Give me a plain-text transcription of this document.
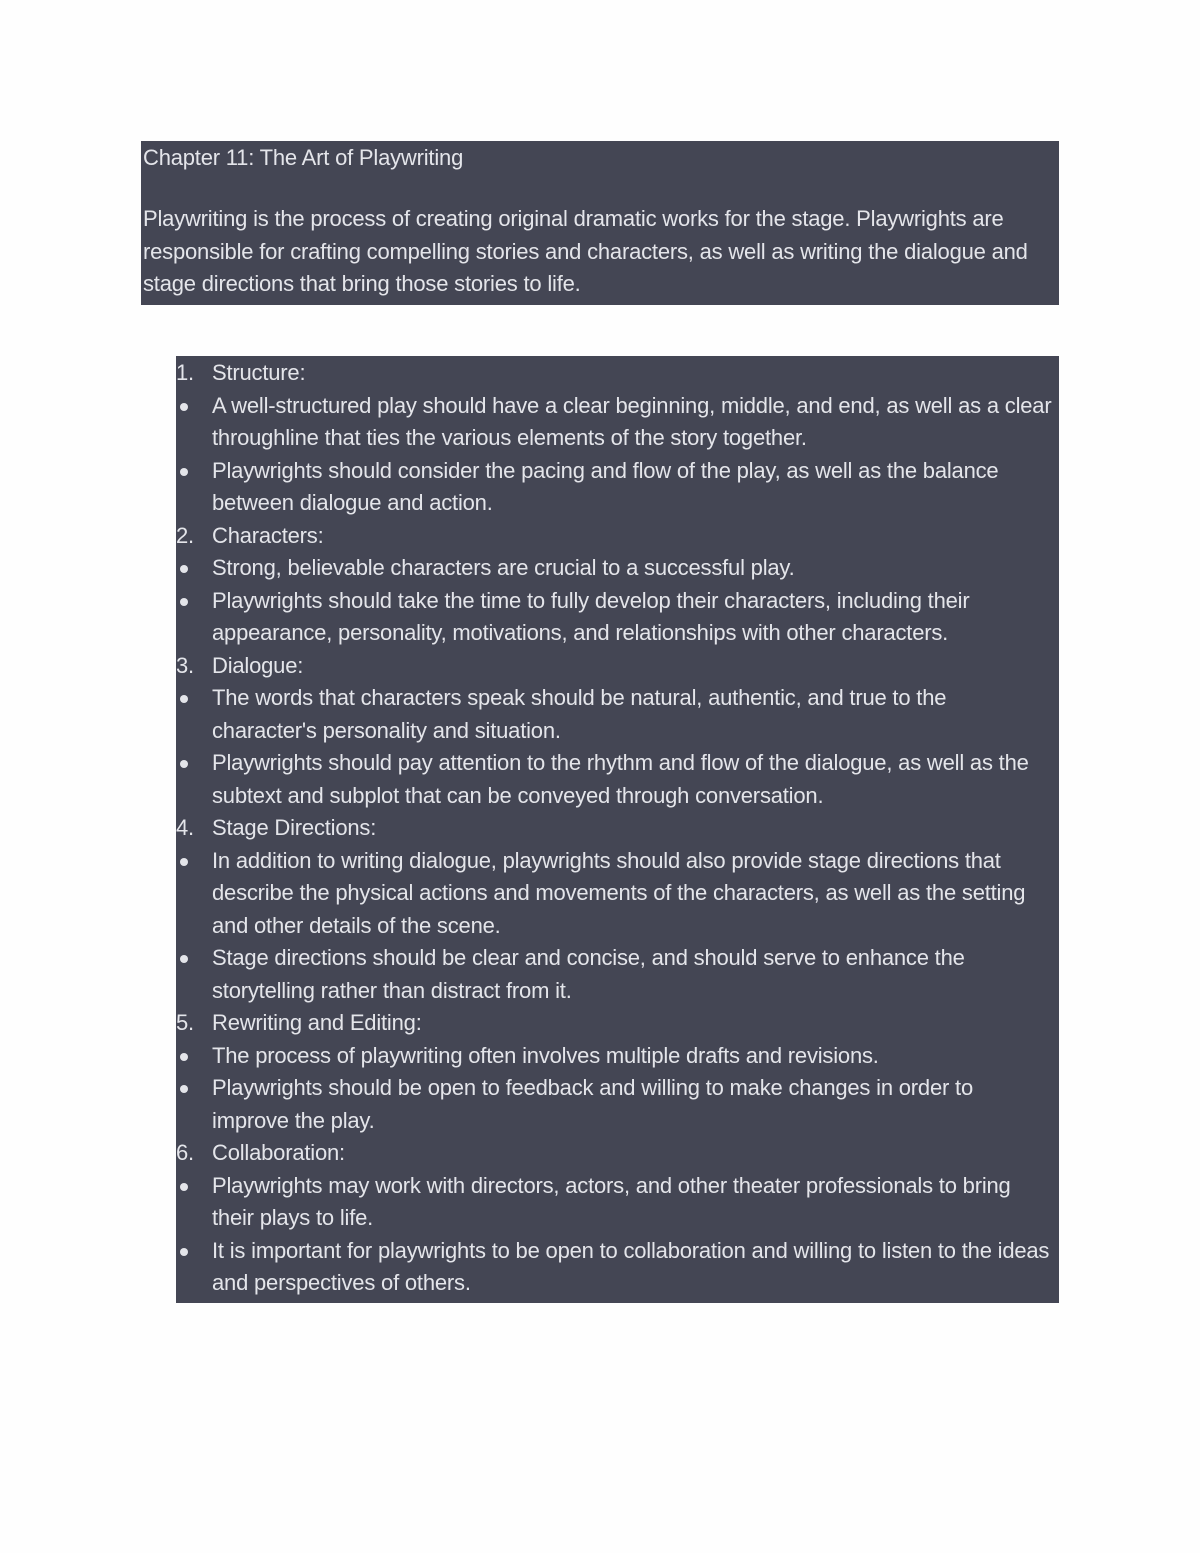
Chapter 11: The Art of Playwriting

Playwriting is the process of creating original dramatic works for the stage. Playwrights are responsible for crafting compelling stories and characters, as well as writing the dialogue and stage directions that bring those stories to life.

1. Structure:
A well-structured play should have a clear beginning, middle, and end, as well as a clear throughline that ties the various elements of the story together.
Playwrights should consider the pacing and flow of the play, as well as the balance between dialogue and action.
2. Characters:
Strong, believable characters are crucial to a successful play.
Playwrights should take the time to fully develop their characters, including their appearance, personality, motivations, and relationships with other characters.
3. Dialogue:
The words that characters speak should be natural, authentic, and true to the character's personality and situation.
Playwrights should pay attention to the rhythm and flow of the dialogue, as well as the subtext and subplot that can be conveyed through conversation.
4. Stage Directions:
In addition to writing dialogue, playwrights should also provide stage directions that describe the physical actions and movements of the characters, as well as the setting and other details of the scene.
Stage directions should be clear and concise, and should serve to enhance the storytelling rather than distract from it.
5. Rewriting and Editing:
The process of playwriting often involves multiple drafts and revisions.
Playwrights should be open to feedback and willing to make changes in order to improve the play.
6. Collaboration:
Playwrights may work with directors, actors, and other theater professionals to bring their plays to life.
It is important for playwrights to be open to collaboration and willing to listen to the ideas and perspectives of others.
